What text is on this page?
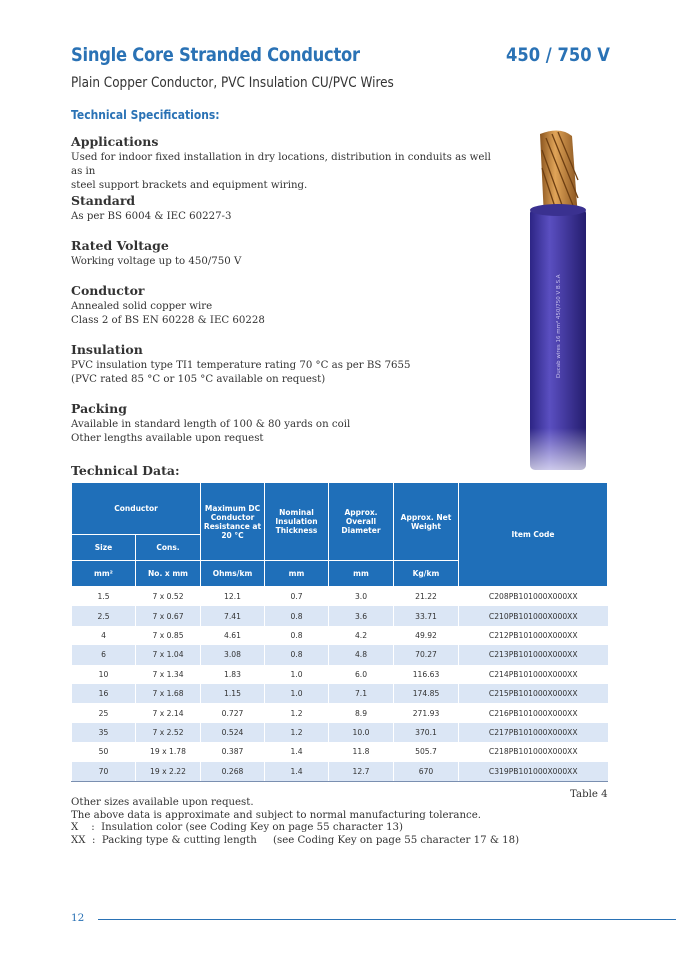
Single Core Stranded Conductor	450 / 750 V
Plain Copper Conductor, PVC Insulation CU/PVC Wires
Technical Specifications:
Applications

Used for indoor fixed installation in dry locations, distribution in conduits as well as in
steel support brackets and equipment wiring.

Standard

As per BS 6004 & IEC 60227-3

Rated Voltage

Working voltage up to 450/750 V

Conductor

Annealed solid copper wire
Class 2 of BS EN 60228 & IEC 60228

Insulation

PVC insulation type TI1 temperature rating 70 °C as per BS 7655
(PVC rated 85 °C or 105 °C available on request)

Packing

Available in standard length of 100 & 80 yards on coil
Other lengths available upon request

Ducab wires 16 mm² 450/750 V B.S.A
Technical Data:
Conductor		Maximum DC Conductor Resistance at 20 °C	Nominal Insulation Thickness	Approx. Overall Diameter	Approx. Net Weight	Item Code
Size	Cons.					
mm²	No. x mm	Ohms/km	mm	mm	Kg/km	
1.5	7 x 0.52	12.1	0.7	3.0	21.22	C208PB101000X000XX
2.5	7 x 0.67	7.41	0.8	3.6	33.71	C210PB101000X000XX
4	7 x 0.85	4.61	0.8	4.2	49.92	C212PB101000X000XX
6	7 x 1.04	3.08	0.8	4.8	70.27	C213PB101000X000XX
10	7 x 1.34	1.83	1.0	6.0	116.63	C214PB101000X000XX
16	7 x 1.68	1.15	1.0	7.1	174.85	C215PB101000X000XX
25	7 x 2.14	0.727	1.2	8.9	271.93	C216PB101000X000XX
35	7 x 2.52	0.524	1.2	10.0	370.1	C217PB101000X000XX
50	19 x 1.78	0.387	1.4	11.8	505.7	C218PB101000X000XX
70	19 x 2.22	0.268	1.4	12.7	670	C319PB101000X000XX
Table 4
Other sizes available upon request.
The above data is approximate and subject to normal manufacturing tolerance.
X    :  Insulation color (see Coding Key on page 55 character 13)
XX  :  Packing type & cutting length     (see Coding Key on page 55 character 17 & 18)
12
